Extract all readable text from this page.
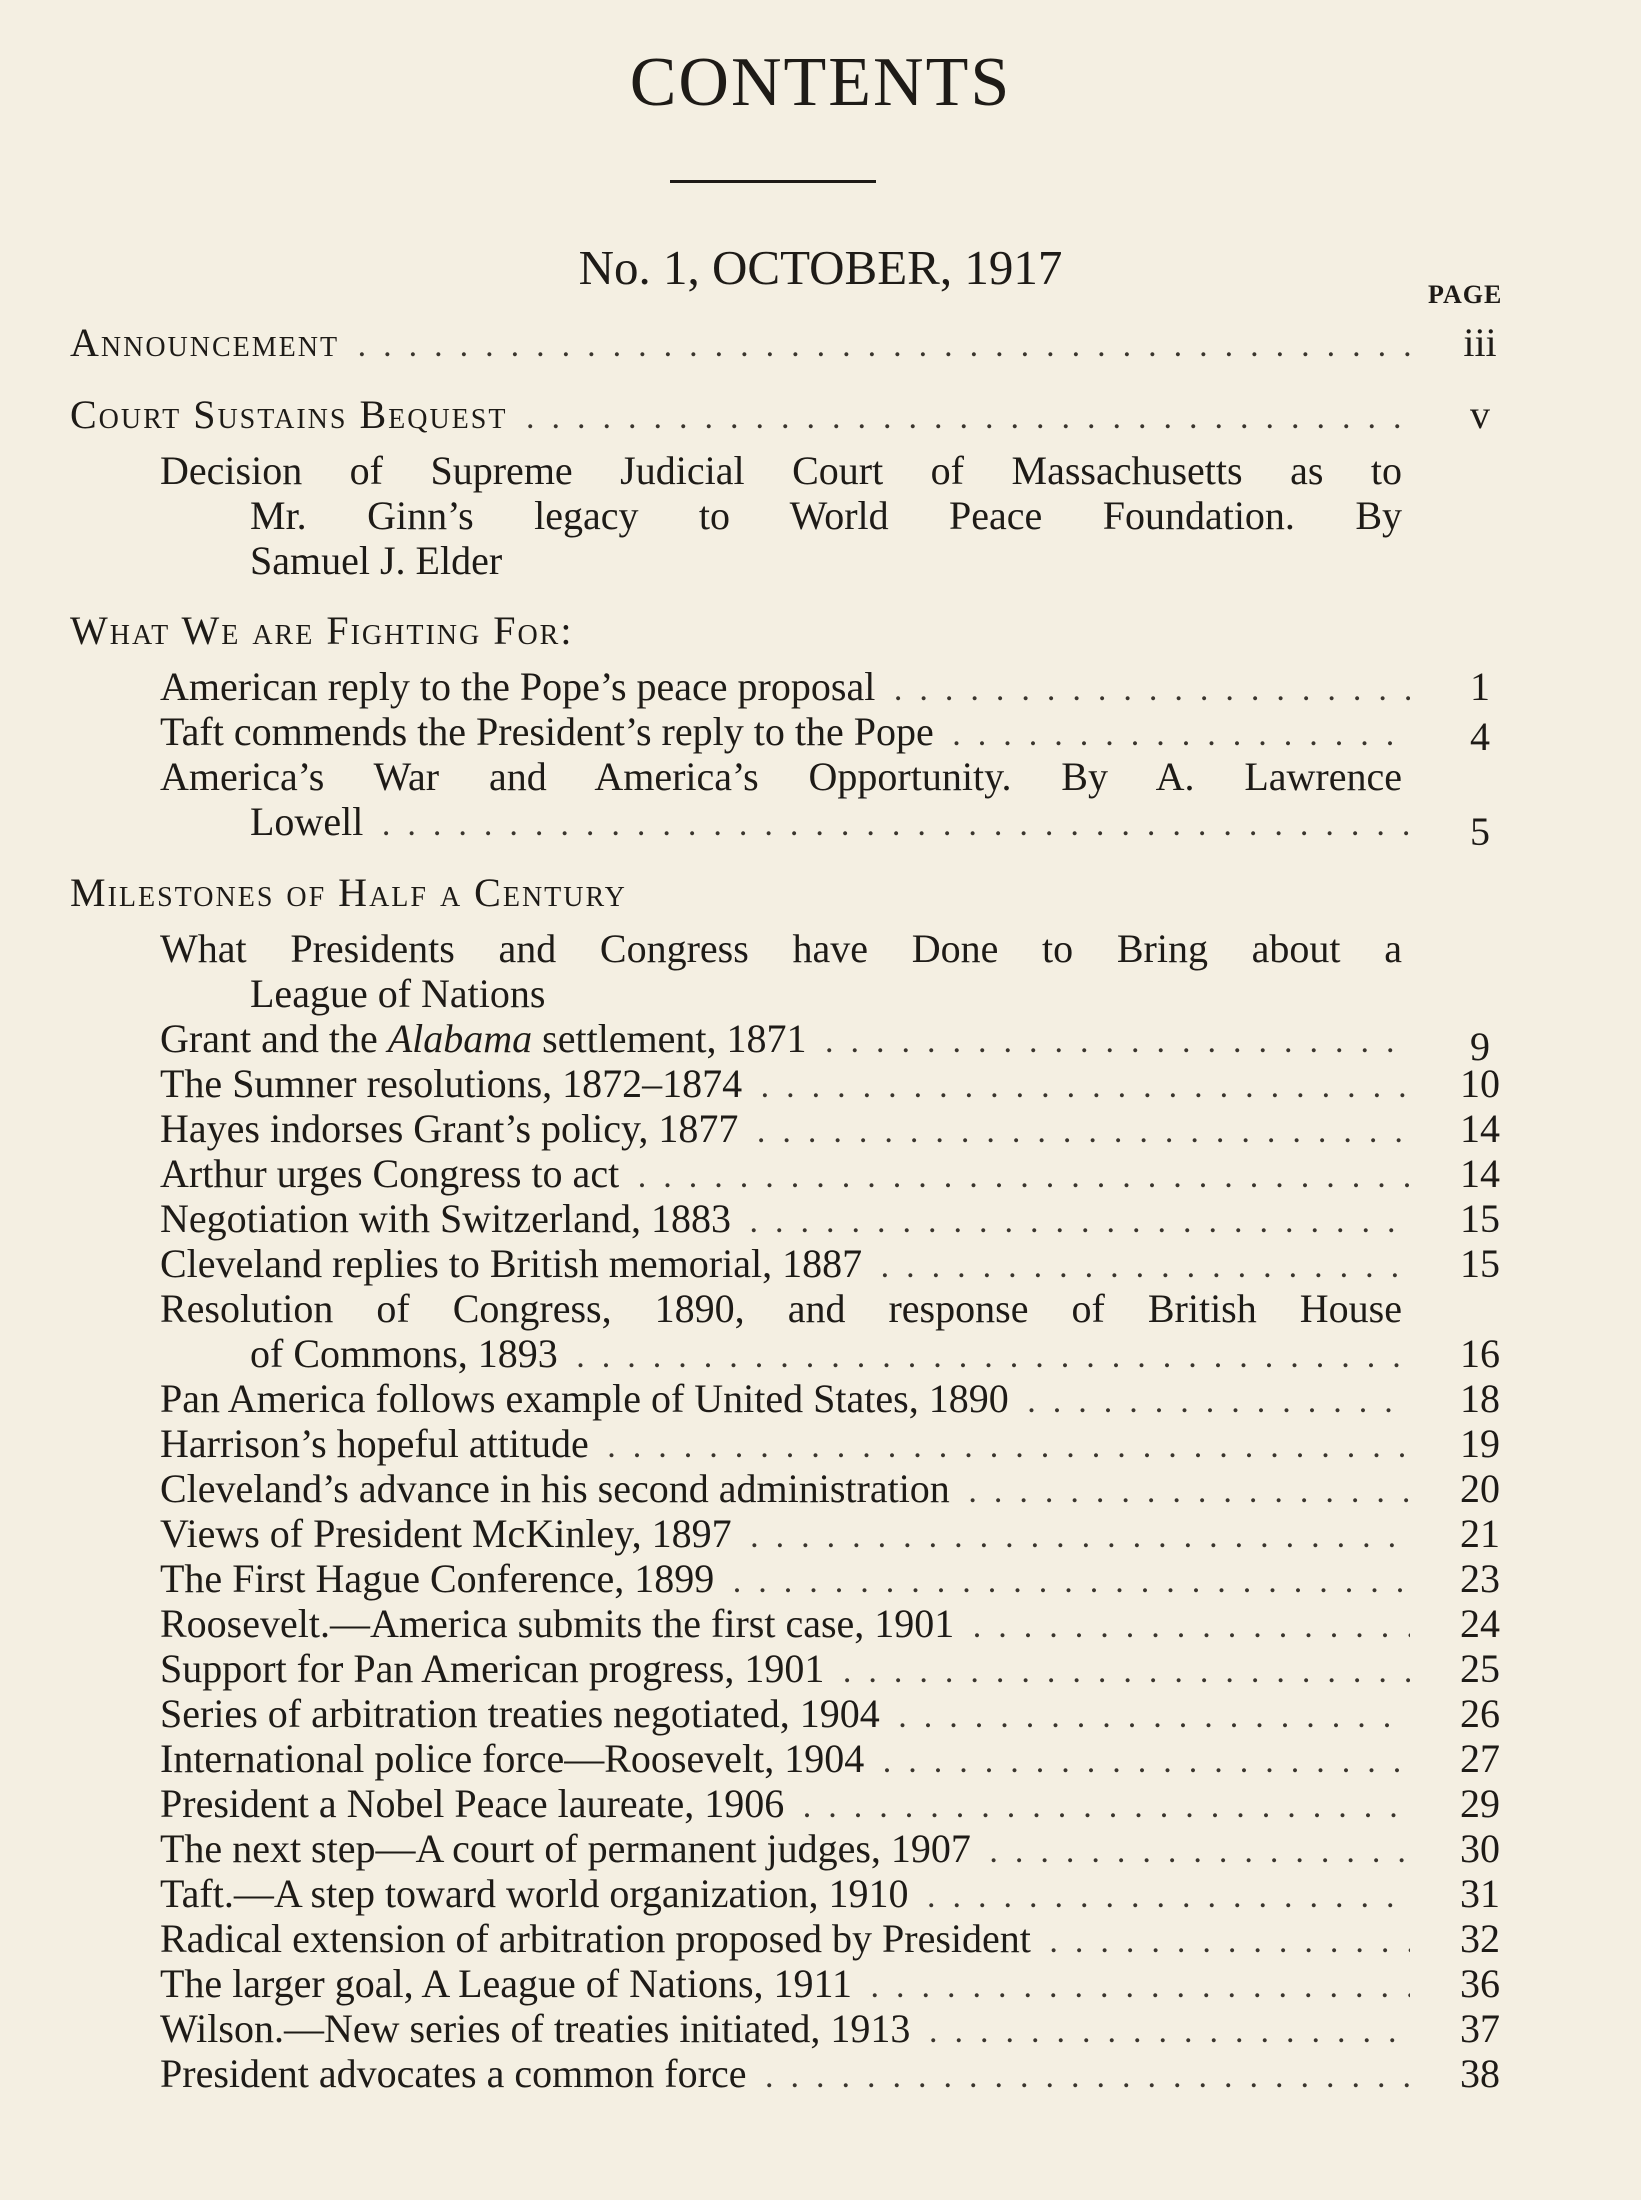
CONTENTS
No. 1, OCTOBER, 1917	PAGE
Announcement . .	iii
Court Sustains Bequest . .	v
Decision of Supreme Judicial Court of Massachusetts as to
Mr. Ginn’s legacy to World Peace Foundation. By
Samuel J. Elder
What We are Fighting For:
American reply to the Pope’s peace proposal . .	1
Taft commends the President’s reply to the Pope . .	4
America’s War and America’s Opportunity. By A. Lawrence
Lowell . .	5
Milestones of Half a Century
What Presidents and Congress have Done to Bring about a
League of Nations
Grant and the Alabama settlement, 1871 . .	9
The Sumner resolutions, 1872–1874 . .	10
Hayes indorses Grant’s policy, 1877 . .	14
Arthur urges Congress to act . .	14
Negotiation with Switzerland, 1883 . .	15
Cleveland replies to British memorial, 1887 . .	15
Resolution of Congress, 1890, and response of British House
of Commons, 1893 . .	16
Pan America follows example of United States, 1890 . .	18
Harrison’s hopeful attitude . .	19
Cleveland’s advance in his second administration . .	20
Views of President McKinley, 1897 . .	21
The First Hague Conference, 1899 . .	23
Roosevelt.—America submits the first case, 1901 . .	24
Support for Pan American progress, 1901 . .	25
Series of arbitration treaties negotiated, 1904 . .	26
International police force—Roosevelt, 1904 . .	27
President a Nobel Peace laureate, 1906 . .	29
The next step—A court of permanent judges, 1907 . .	30
Taft.—A step toward world organization, 1910 . .	31
Radical extension of arbitration proposed by President . .	32
The larger goal, A League of Nations, 1911 . .	36
Wilson.—New series of treaties initiated, 1913 . .	37
President advocates a common force . .	38
